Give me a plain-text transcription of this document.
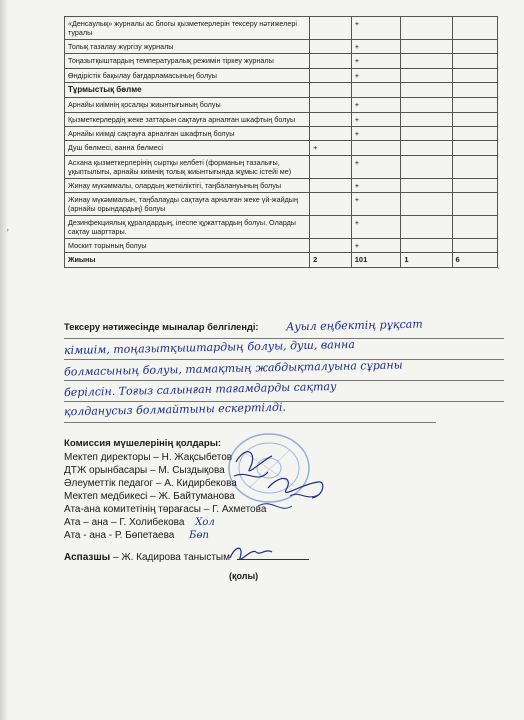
«Денсаулық» журналы ас блогы қызметкерлерін тексеру нәтижелері туралы		+		
Толық тазалау жүргізу журналы		+		
Тоңазытқыштардың температуралық режимін тіркеу журналы		+		
Өндірістік бақылау бағдарламасының болуы		+		
Тұрмыстық бөлме				
Арнайы киімнің қосалқы жиынтығының болуы		+		
Қызметкерлердің жеке заттарын сақтауға арналған шкафтың болуы		+		
Арнайы киімді сақтауға арналған шкафтың болуы		+		
Душ бөлмесі, ванна бөлмесі	+			
Асхана қызметкерлерінің сыртқы келбеті (форманың тазалығы, ұқыптылығы, арнайы киімнің толық жиынтығында жұмыс істейі ме)		+		
Жинау мүкәммалы, олардың жеткіліктігі, таңбалануының болуы		+		
Жинау мүкәммалын, таңбалауды сақтауға арналған жеке үй-жайдың (арнайы орындардың) болуы		+		
Дезинфекциялық құралдардың, ілеспе құжаттардың болуы. Оларды сақтау шарттары.		+		
Москит торының болуы		+		
Жиыны	2	101	1	6
Тексеру нәтижесінде мыналар белгіленді: Ауыл еңбектің рұқсат
кімшім, тоңазытқыштардың болуы, душ, ванна
болмасының болуы, тамақтың жабдықталуына сұраны
берілсін. Тоғыз салынған тағамдарды сақтау
қолданусыз болмайтыны ескертілді.
Комиссия мүшелерінің қолдары:
Мектеп директоры – Н. Жақсыбетов
ДТЖ орынбасары – М. Сыздықова
Әлеуметтік педагог – А. Кидирбекова
Мектеп медбикесі – Ж. Байтуманова
Ата-ана комитетінің төрағасы – Г. Ахметова
Ата – ана – Г. Холибекова Хол
Ата - ана - Р. Бөпетаева Бөп
Аспазшы – Ж. Кадирова таныстым
(қолы)
·
ʼ
